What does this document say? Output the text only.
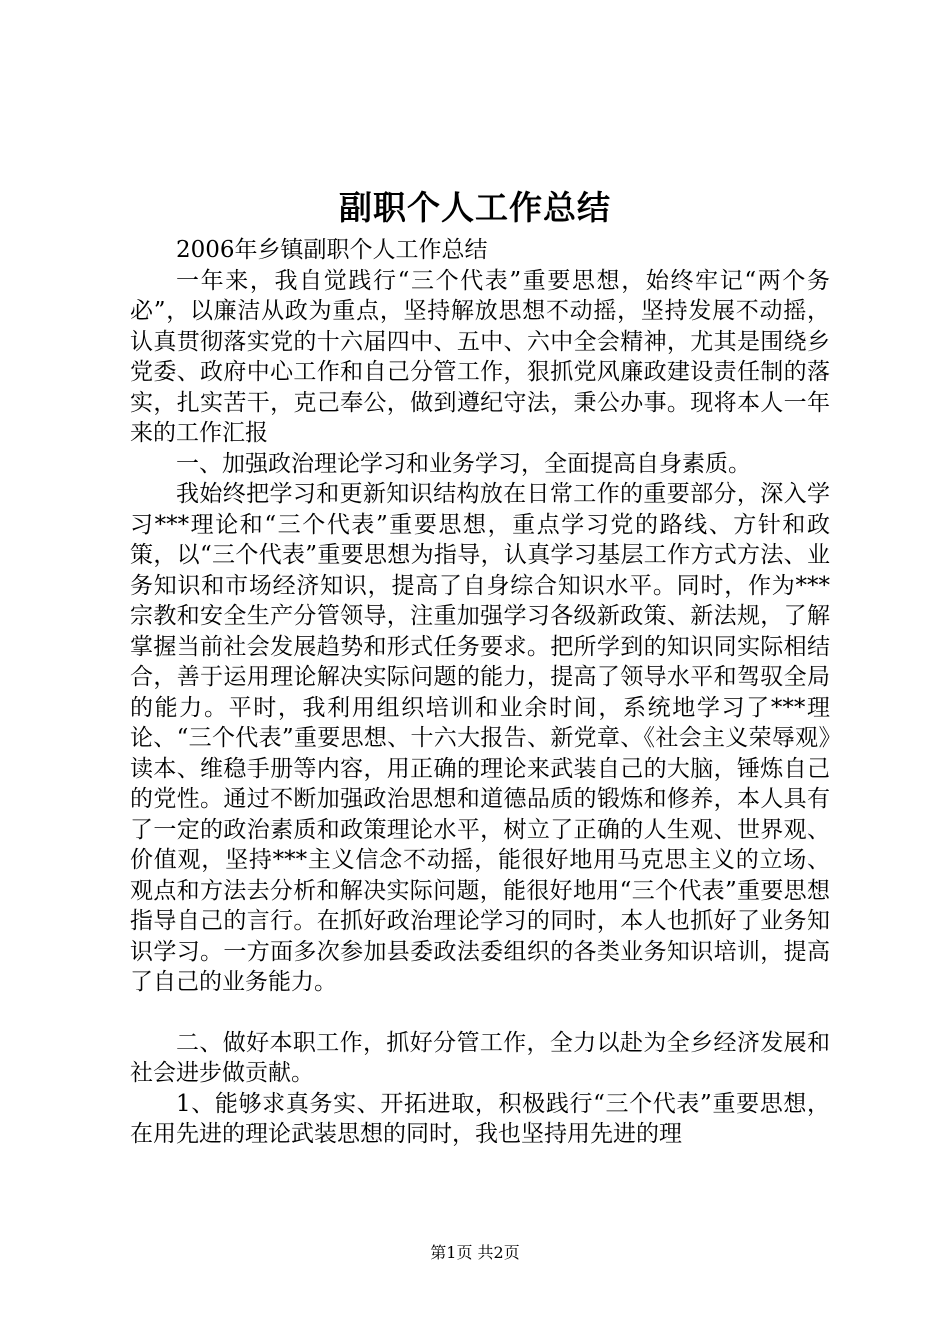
副职个人工作总结

2006年乡镇副职个人工作总结

一年来，我自觉践行“三个代表”重要思想，始终牢记“两个务必”，以廉洁从政为重点，坚持解放思想不动摇，坚持发展不动摇，认真贯彻落实党的十六届四中、五中、六中全会精神，尤其是围绕乡党委、政府中心工作和自己分管工作，狠抓党风廉政建设责任制的落实，扎实苦干，克己奉公，做到遵纪守法，秉公办事。现将本人一年来的工作汇报

一、加强政治理论学习和业务学习，全面提高自身素质。

我始终把学习和更新知识结构放在日常工作的重要部分，深入学习***理论和“三个代表”重要思想，重点学习党的路线、方针和政策，以“三个代表”重要思想为指导，认真学习基层工作方式方法、业务知识和市场经济知识，提高了自身综合知识水平。同时，作为***宗教和安全生产分管领导，注重加强学习各级新政策、新法规，了解掌握当前社会发展趋势和形式任务要求。把所学到的知识同实际相结合，善于运用理论解决实际问题的能力，提高了领导水平和驾驭全局的能力。平时，我利用组织培训和业余时间，系统地学习了***理论、“三个代表”重要思想、十六大报告、新党章、《社会主义荣辱观》读本、维稳手册等内容，用正确的理论来武装自己的大脑，锤炼自己的党性。通过不断加强政治思想和道德品质的锻炼和修养，本人具有了一定的政治素质和政策理论水平，树立了正确的人生观、世界观、价值观，坚持***主义信念不动摇，能很好地用马克思主义的立场、观点和方法去分析和解决实际问题，能很好地用“三个代表”重要思想指导自己的言行。在抓好政治理论学习的同时，本人也抓好了业务知识学习。一方面多次参加县委政法委组织的各类业务知识培训，提高了自己的业务能力。

二、做好本职工作，抓好分管工作，全力以赴为全乡经济发展和社会进步做贡献。

1、能够求真务实、开拓进取，积极践行“三个代表”重要思想，在用先进的理论武装思想的同时，我也坚持用先进的理

第1页 共2页
